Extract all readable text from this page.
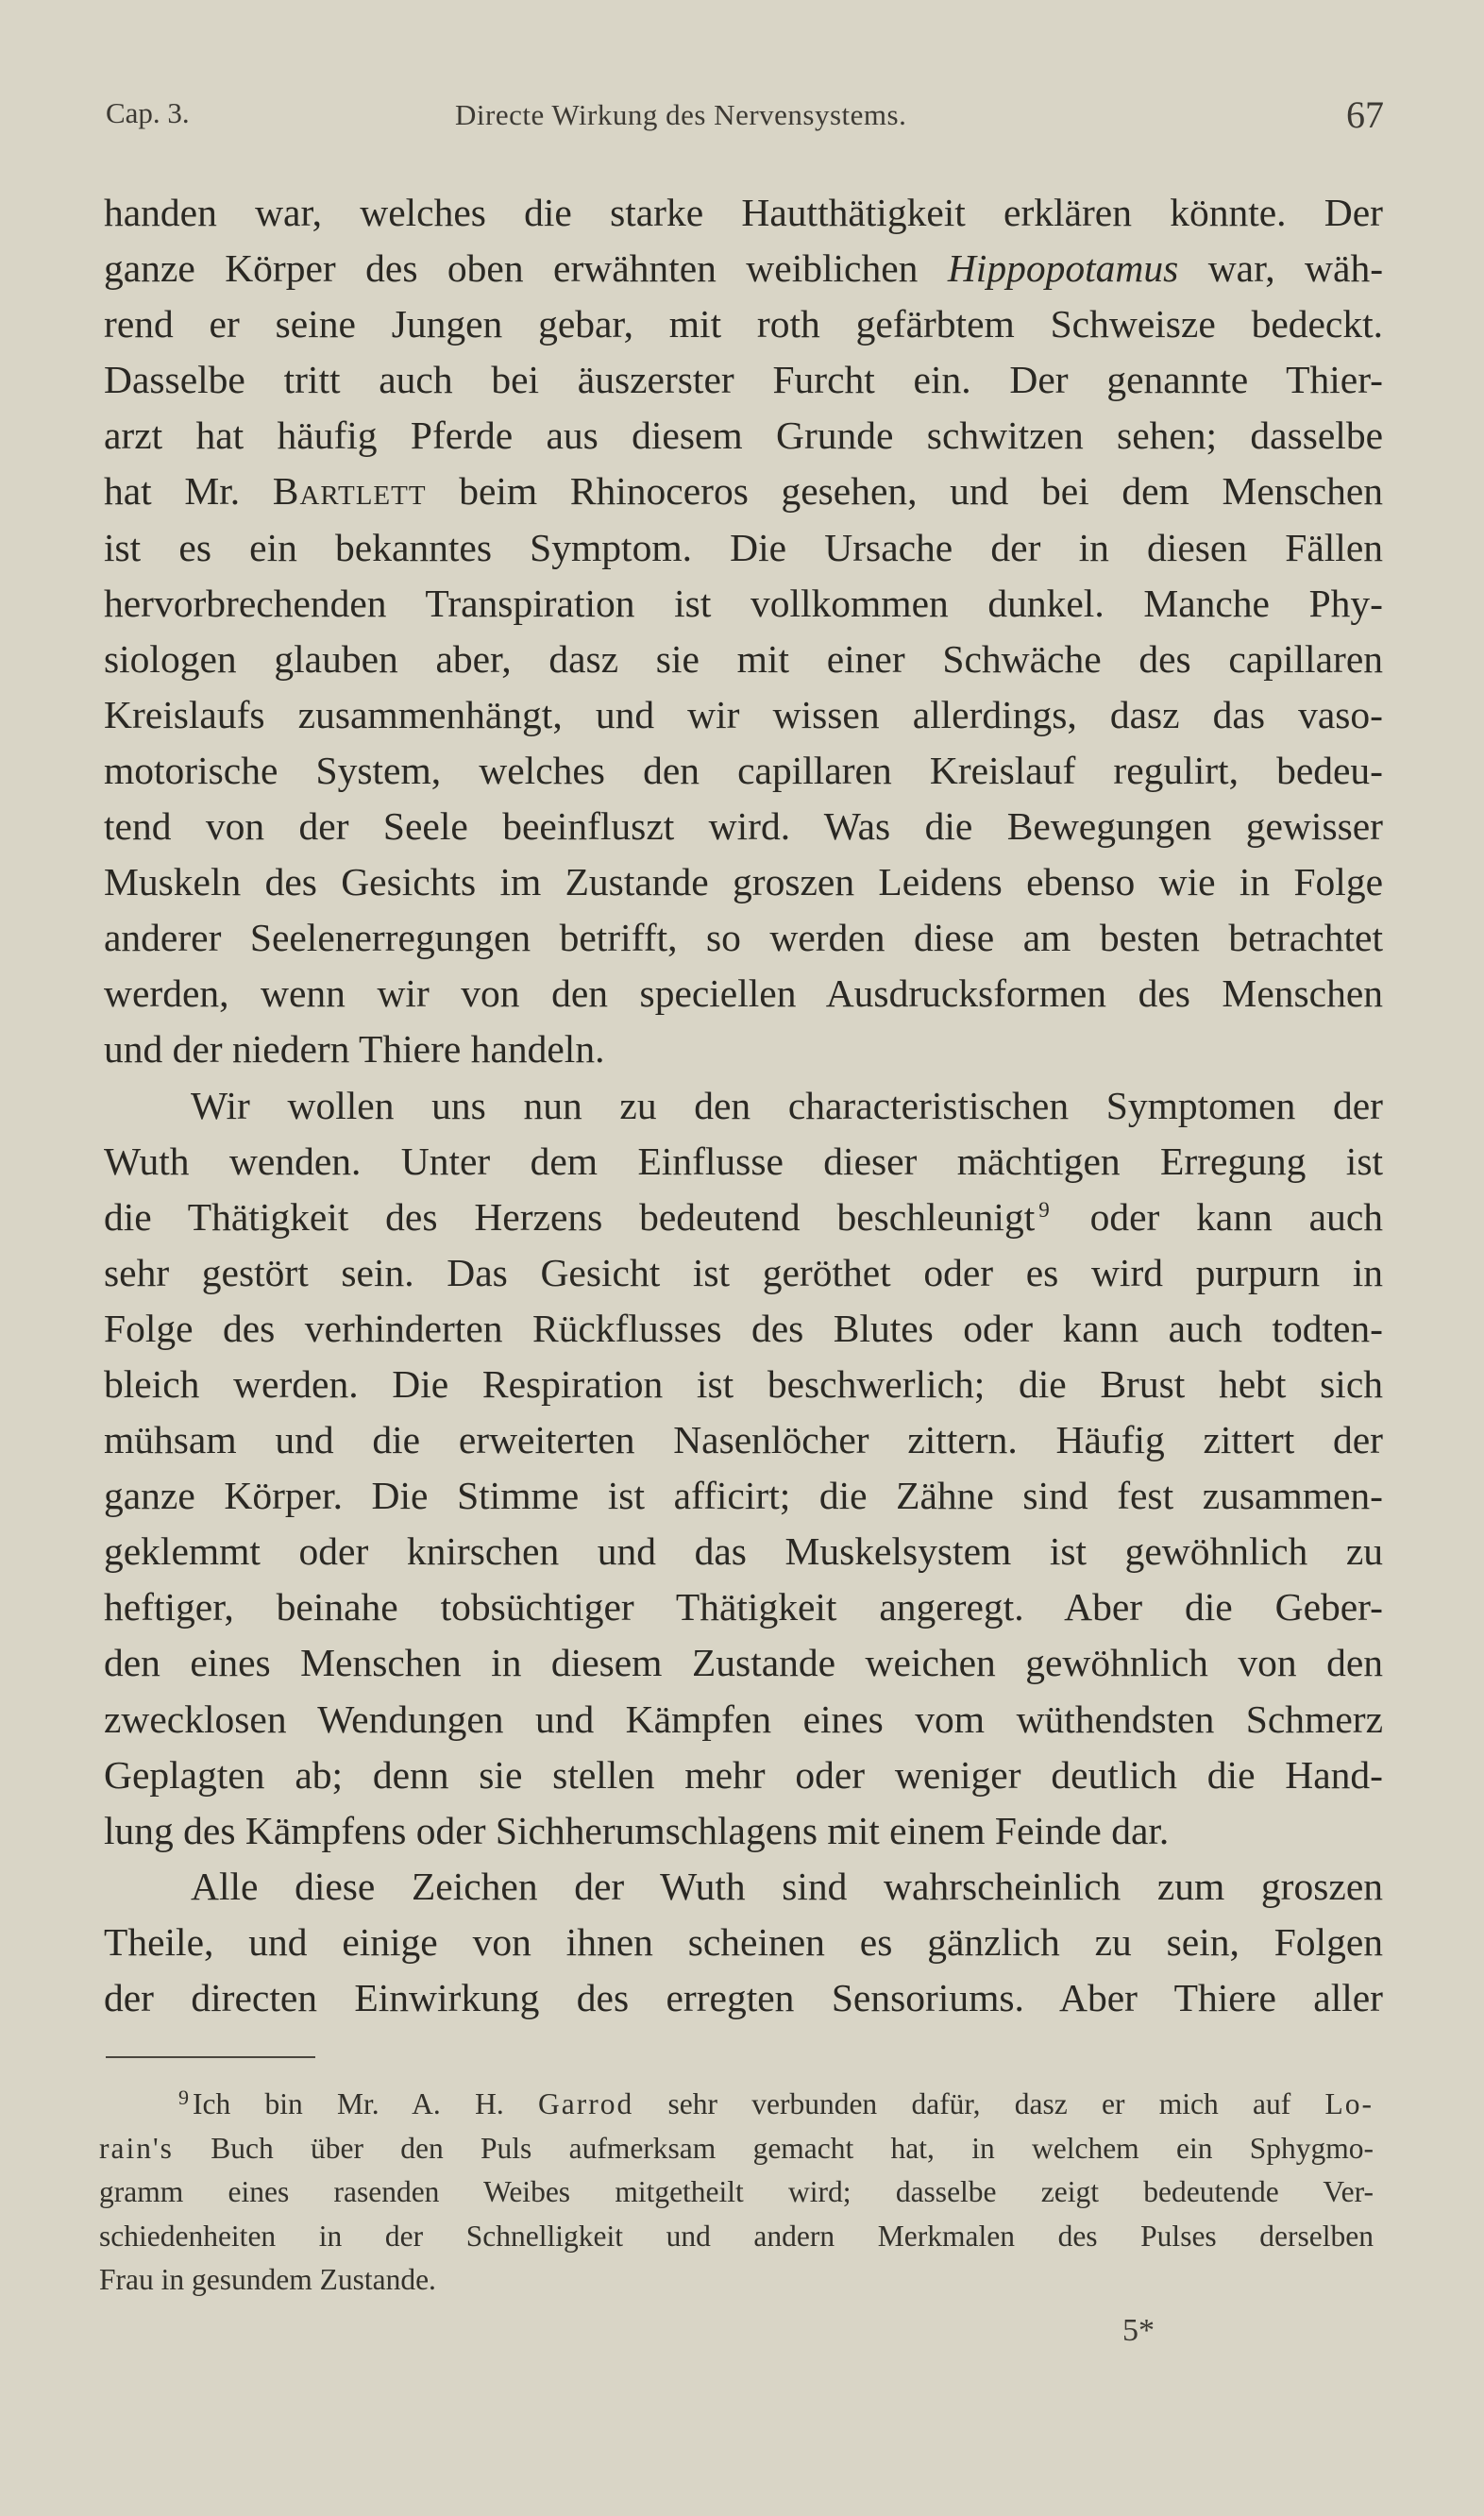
Cap. 3.	Directe Wirkung des Nervensystems.	67
handen war, welches die starke Hautthätigkeit erklären könnte. Der
ganze Körper des oben erwähnten weiblichen Hippopotamus war, wäh-
rend er seine Jungen gebar, mit roth gefärbtem Schweisze bedeckt.
Dasselbe tritt auch bei äuszerster Furcht ein. Der genannte Thier-
arzt hat häufig Pferde aus diesem Grunde schwitzen sehen; dasselbe
hat Mr. Bartlett beim Rhinoceros gesehen, und bei dem Menschen
ist es ein bekanntes Symptom. Die Ursache der in diesen Fällen
hervorbrechenden Transpiration ist vollkommen dunkel. Manche Phy-
siologen glauben aber, dasz sie mit einer Schwäche des capillaren
Kreislaufs zusammenhängt, und wir wissen allerdings, dasz das vaso-
motorische System, welches den capillaren Kreislauf regulirt, bedeu-
tend von der Seele beeinfluszt wird. Was die Bewegungen gewisser
Muskeln des Gesichts im Zustande groszen Leidens ebenso wie in Folge
anderer Seelenerregungen betrifft, so werden diese am besten betrachtet
werden, wenn wir von den speciellen Ausdrucksformen des Menschen
und der niedern Thiere handeln.
Wir wollen uns nun zu den characteristischen Symptomen der
Wuth wenden. Unter dem Einflusse dieser mächtigen Erregung ist
die Thätigkeit des Herzens bedeutend beschleunigt $^9$ oder kann auch
sehr gestört sein. Das Gesicht ist geröthet oder es wird purpurn in
Folge des verhinderten Rückflusses des Blutes oder kann auch todten-
bleich werden. Die Respiration ist beschwerlich; die Brust hebt sich
mühsam und die erweiterten Nasenlöcher zittern. Häufig zittert der
ganze Körper. Die Stimme ist afficirt; die Zähne sind fest zusammen-
geklemmt oder knirschen und das Muskelsystem ist gewöhnlich zu
heftiger, beinahe tobsüchtiger Thätigkeit angeregt. Aber die Geber-
den eines Menschen in diesem Zustande weichen gewöhnlich von den
zwecklosen Wendungen und Kämpfen eines vom wüthendsten Schmerz
Geplagten ab; denn sie stellen mehr oder weniger deutlich die Hand-
lung des Kämpfens oder Sichherumschlagens mit einem Feinde dar.
Alle diese Zeichen der Wuth sind wahrscheinlich zum groszen
Theile, und einige von ihnen scheinen es gänzlich zu sein, Folgen
der directen Einwirkung des erregten Sensoriums. Aber Thiere aller
$^9$ Ich bin Mr. A. H. Garrod sehr verbunden dafür, dasz er mich auf Lo-
rain's Buch über den Puls aufmerksam gemacht hat, in welchem ein Sphygmo-
gramm eines rasenden Weibes mitgetheilt wird; dasselbe zeigt bedeutende Ver-
schiedenheiten in der Schnelligkeit und andern Merkmalen des Pulses derselben
Frau in gesundem Zustande.
5*
